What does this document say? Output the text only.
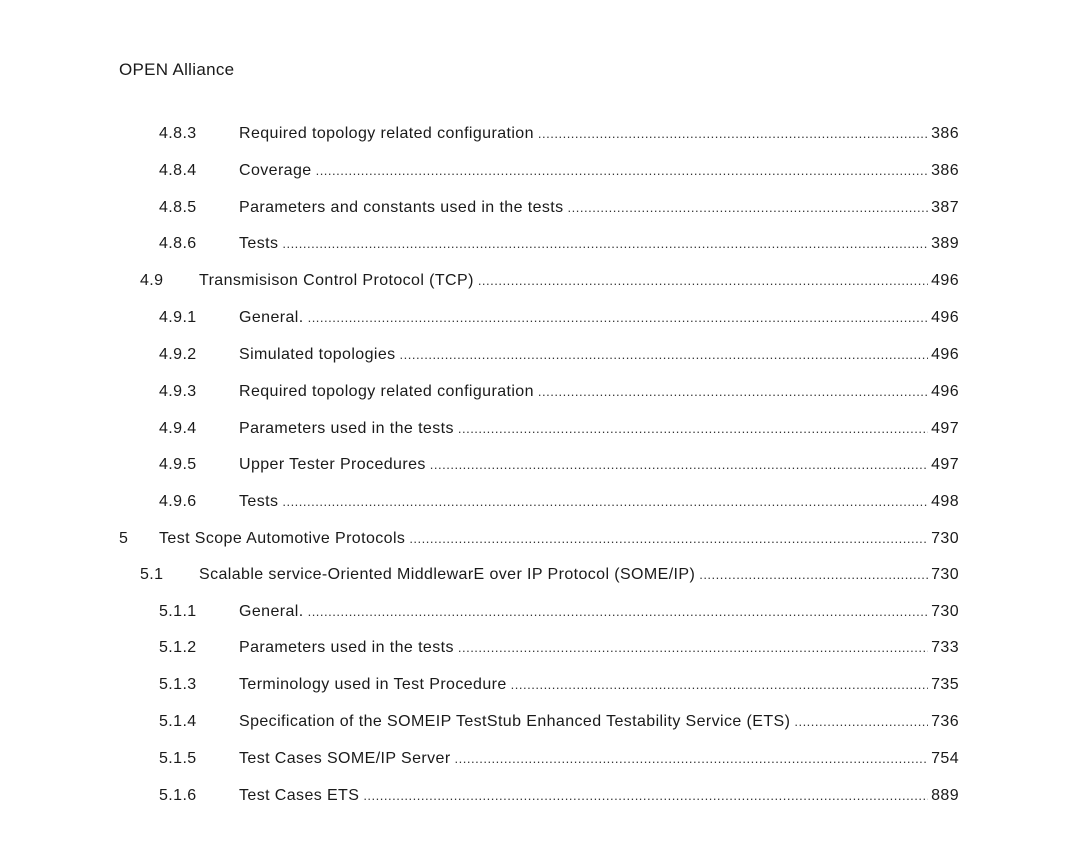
OPEN Alliance
4.8.3	Required topology related configuration .....	386
4.8.4	Coverage .....	386
4.8.5	Parameters and constants used in the tests .....	387
4.8.6	Tests .....	389
4.9	Transmisison Control Protocol (TCP) .....	496
4.9.1	General. .....	496
4.9.2	Simulated topologies .....	496
4.9.3	Required topology related configuration .....	496
4.9.4	Parameters used in the tests .....	497
4.9.5	Upper Tester Procedures .....	497
4.9.6	Tests .....	498
5	Test Scope Automotive Protocols .....	730
5.1	Scalable service-Oriented MiddlewarE over IP Protocol (SOME/IP) .....	730
5.1.1	General. .....	730
5.1.2	Parameters used in the tests .....	733
5.1.3	Terminology used in Test Procedure .....	735
5.1.4	Specification of the SOMEIP TestStub Enhanced Testability Service (ETS) .....	736
5.1.5	Test Cases SOME/IP Server .....	754
5.1.6	Test Cases ETS .....	889
